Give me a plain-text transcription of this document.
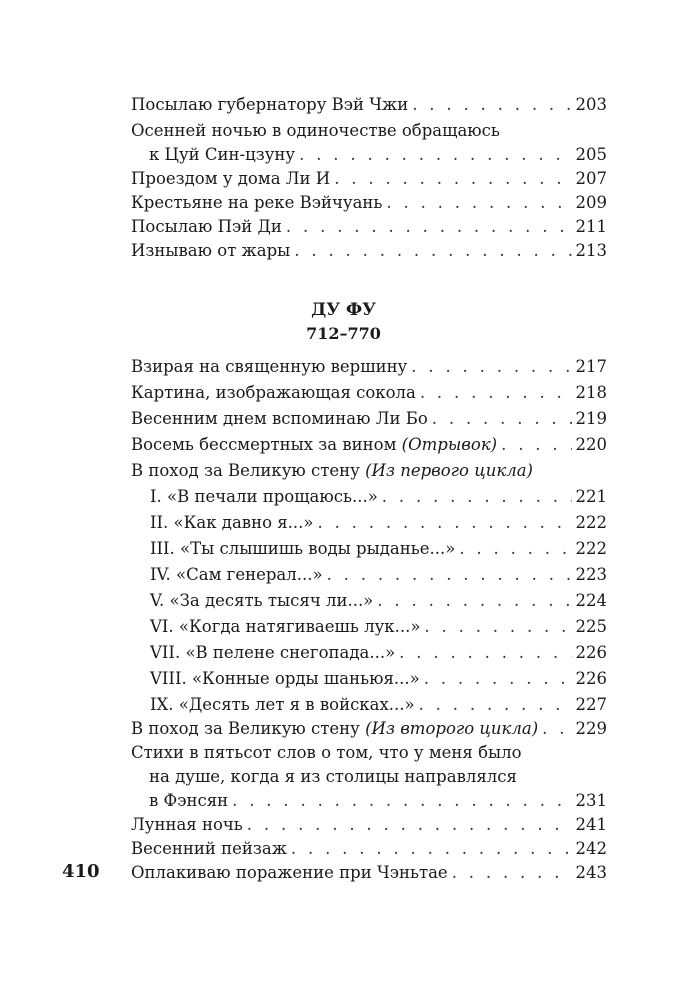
Посылаю губернатору Вэй Чжи . . .	203
Осенней ночью в одиночестве обращаюсь
к Цуй Син-цзуну . . .	205
Проездом у дома Ли И . . .	207
Крестьяне на реке Вэйчуань . . .	209
Посылаю Пэй Ди . . .	211
Изнываю от жары . . .	213
ДУ ФУ
712–770
Взирая на священную вершину . . .	217
Картина, изображающая сокола . . .	218
Весенним днем вспоминаю Ли Бо . . .	219
Восемь бессмертных за вином (Отрывок) . . .	220
В поход за Великую стену (Из первого цикла)
I. «В печали прощаюсь...» . . .	221
II. «Как давно я...» . . .	222
III. «Ты слышишь воды рыданье...» . . .	222
IV. «Сам генерал...» . . .	223
V. «За десять тысяч ли...» . . .	224
VI. «Когда натягиваешь лук...» . . .	225
VII. «В пелене снегопада...» . . .	226
VIII. «Конные орды шаньюя...» . . .	226
IX. «Десять лет я в войсках...» . . .	227
В поход за Великую стену (Из второго цикла) . . . 229
Стихи в пятьсот слов о том, что у меня было
на душе, когда я из столицы направлялся
в Фэнсян . . .	231
Лунная ночь . . .	241
Весенний пейзаж . . .	242
Оплакиваю поражение при Чэньтае . . .	243
410
